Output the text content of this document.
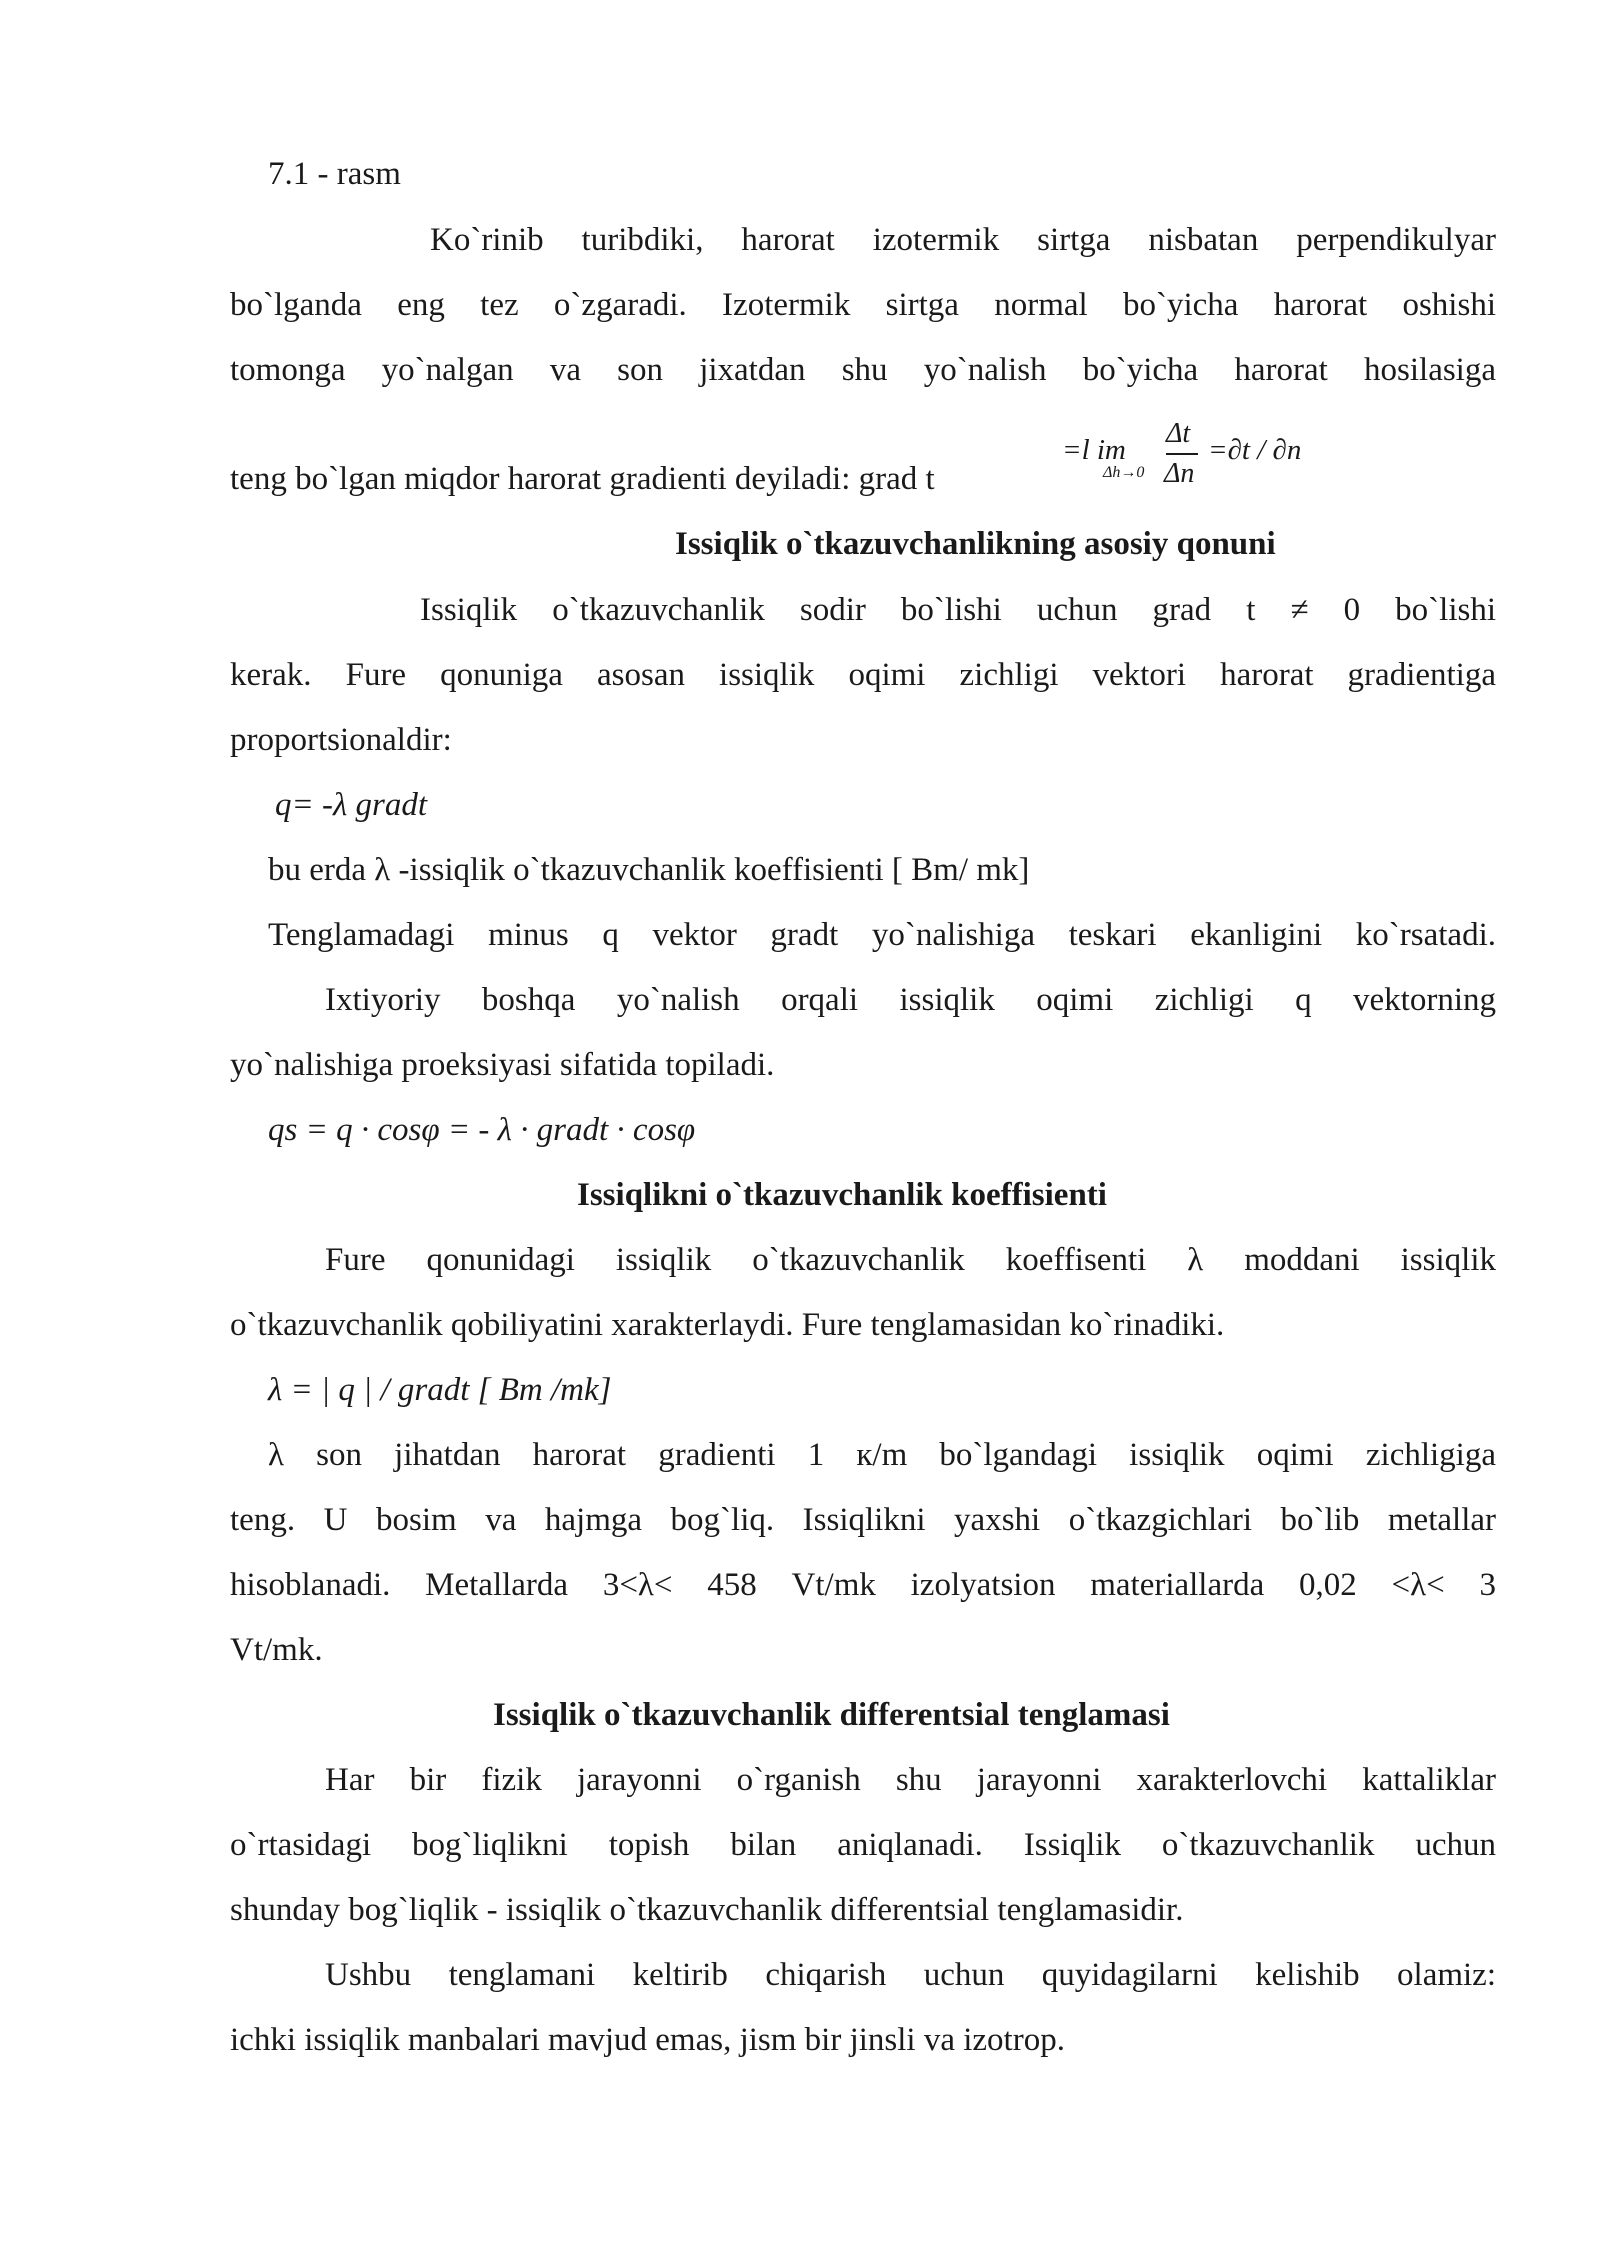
7.1 - rasm
Ko`rinib turibdiki, harorat izotermik sirtga nisbatan perpendikulyar
bo`lganda eng tez o`zgaradi. Izotermik sirtga normal bo`yicha harorat oshishi
tomonga yo`nalgan va son jixatdan shu yo`nalish bo`yicha harorat hosilasiga
teng bo`lgan miqdor harorat gradienti deyiladi: grad t
=l im
Δh→0
Δt
Δn
=∂t / ∂n
Issiqlik o`tkazuvchanlikning asosiy qonuni
Issiqlik o`tkazuvchanlik sodir bo`lishi uchun grad t ≠ 0 bo`lishi
kerak. Fure qonuniga asosan issiqlik oqimi zichligi vektori harorat gradientiga
proportsionaldir:
q= -λ gradt
bu erda λ -issiqlik o`tkazuvchanlik koeffisienti [ Bm/ mk]
Tenglamadagi minus q vektor gradt yo`nalishiga teskari ekanligini ko`rsatadi.
Ixtiyoriy boshqa yo`nalish orqali issiqlik oqimi zichligi q vektorning
yo`nalishiga proeksiyasi sifatida topiladi.
qs = q · cosφ = - λ · gradt · cosφ
Issiqlikni o`tkazuvchanlik koeffisienti
Fure qonunidagi issiqlik o`tkazuvchanlik koeffisenti λ moddani issiqlik
o`tkazuvchanlik qobiliyatini xarakterlaydi. Fure tenglamasidan ko`rinadiki.
λ = | q | / gradt [ Bm /mk]
λ son jihatdan harorat gradienti 1 к/m bo`lgandagi issiqlik oqimi zichligiga
teng. U bosim va hajmga bog`liq. Issiqlikni yaxshi o`tkazgichlari bo`lib metallar
hisoblanadi. Metallarda 3<λ< 458 Vt/mk izolyatsion materiallarda 0,02 <λ< 3
Vt/mk.
Issiqlik o`tkazuvchanlik differentsial tenglamasi
Har bir fizik jarayonni o`rganish shu jarayonni xarakterlovchi kattaliklar
o`rtasidagi bog`liqlikni topish bilan aniqlanadi. Issiqlik o`tkazuvchanlik uchun
shunday bog`liqlik - issiqlik o`tkazuvchanlik differentsial tenglamasidir.
Ushbu tenglamani keltirib chiqarish uchun quyidagilarni kelishib olamiz:
ichki issiqlik manbalari mavjud emas, jism bir jinsli va izotrop.
